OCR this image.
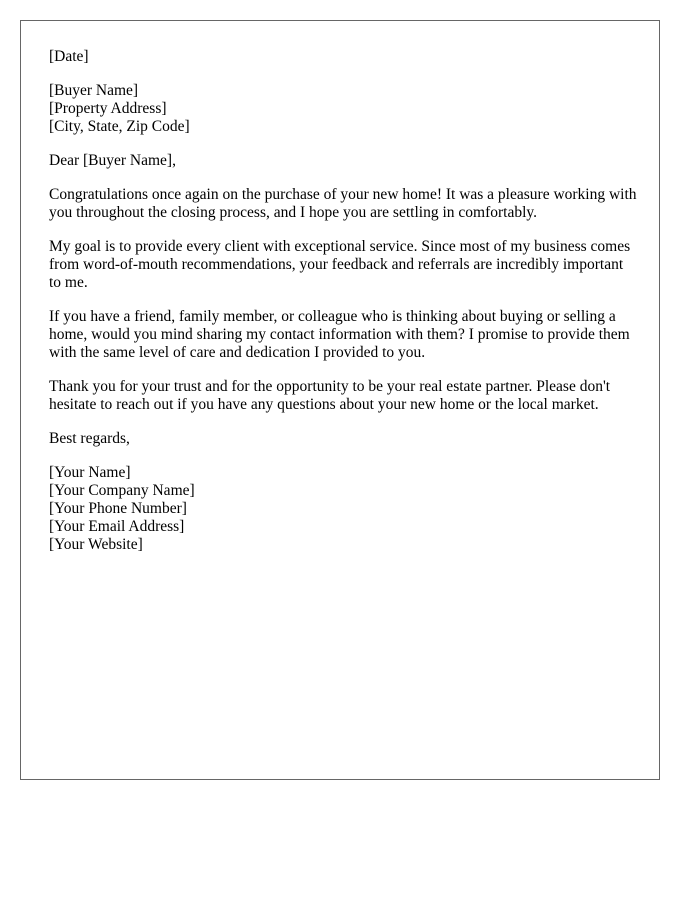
[Date]
[Buyer Name]
[Property Address]
[City, State, Zip Code]
Dear [Buyer Name],

Congratulations once again on the purchase of your new home! It was a pleasure working with you throughout the closing process, and I hope you are settling in comfortably.

My goal is to provide every client with exceptional service. Since most of my business comes from word-of-mouth recommendations, your feedback and referrals are incredibly important to me.

If you have a friend, family member, or colleague who is thinking about buying or selling a home, would you mind sharing my contact information with them? I promise to provide them with the same level of care and dedication I provided to you.

Thank you for your trust and for the opportunity to be your real estate partner. Please don't hesitate to reach out if you have any questions about your new home or the local market.

Best regards,
[Your Name]
[Your Company Name]
[Your Phone Number]
[Your Email Address]
[Your Website]
